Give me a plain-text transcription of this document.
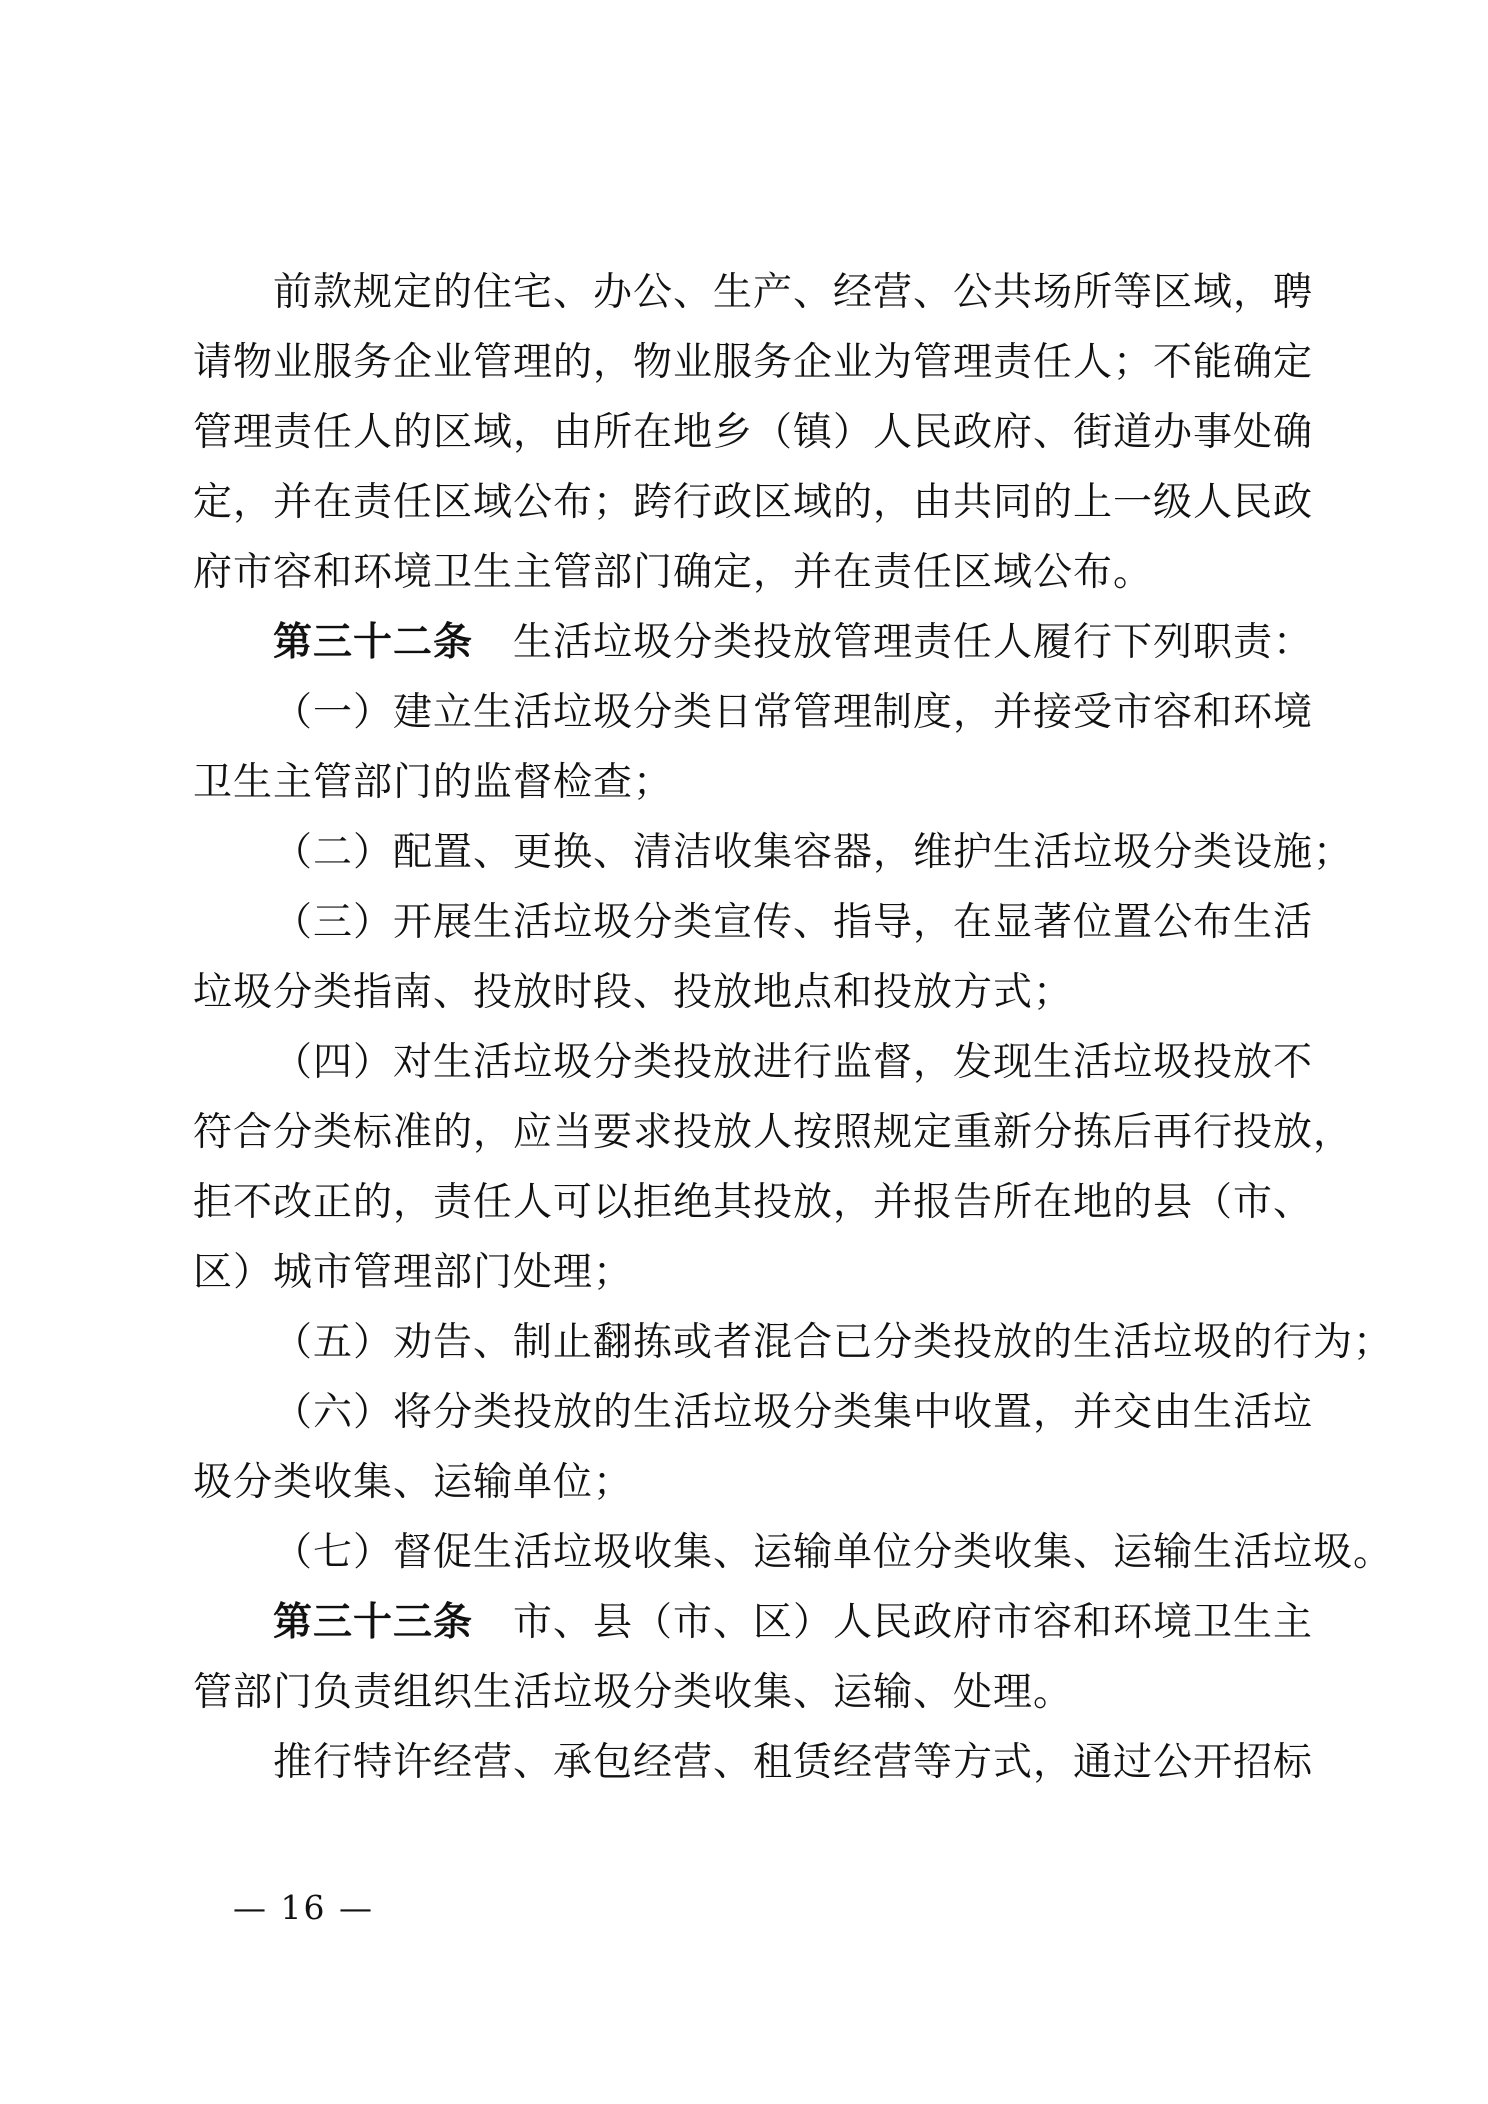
前款规定的住宅、办公、生产、经营、公共场所等区域，聘
请物业服务企业管理的，物业服务企业为管理责任人；不能确定
管理责任人的区域，由所在地乡（镇）人民政府、街道办事处确
定，并在责任区域公布；跨行政区域的，由共同的上一级人民政
府市容和环境卫生主管部门确定，并在责任区域公布。
第三十二条 生活垃圾分类投放管理责任人履行下列职责：
（一）建立生活垃圾分类日常管理制度，并接受市容和环境
卫生主管部门的监督检查；
（二）配置、更换、清洁收集容器，维护生活垃圾分类设施；
（三）开展生活垃圾分类宣传、指导，在显著位置公布生活
垃圾分类指南、投放时段、投放地点和投放方式；
（四）对生活垃圾分类投放进行监督，发现生活垃圾投放不
符合分类标准的，应当要求投放人按照规定重新分拣后再行投放，
拒不改正的，责任人可以拒绝其投放，并报告所在地的县（市、
区）城市管理部门处理；
（五）劝告、制止翻拣或者混合已分类投放的生活垃圾的行为；
（六）将分类投放的生活垃圾分类集中收置，并交由生活垃
圾分类收集、运输单位；
（七）督促生活垃圾收集、运输单位分类收集、运输生活垃圾。
第三十三条 市、县（市、区）人民政府市容和环境卫生主
管部门负责组织生活垃圾分类收集、运输、处理。
推行特许经营、承包经营、租赁经营等方式，通过公开招标
— 16 —
